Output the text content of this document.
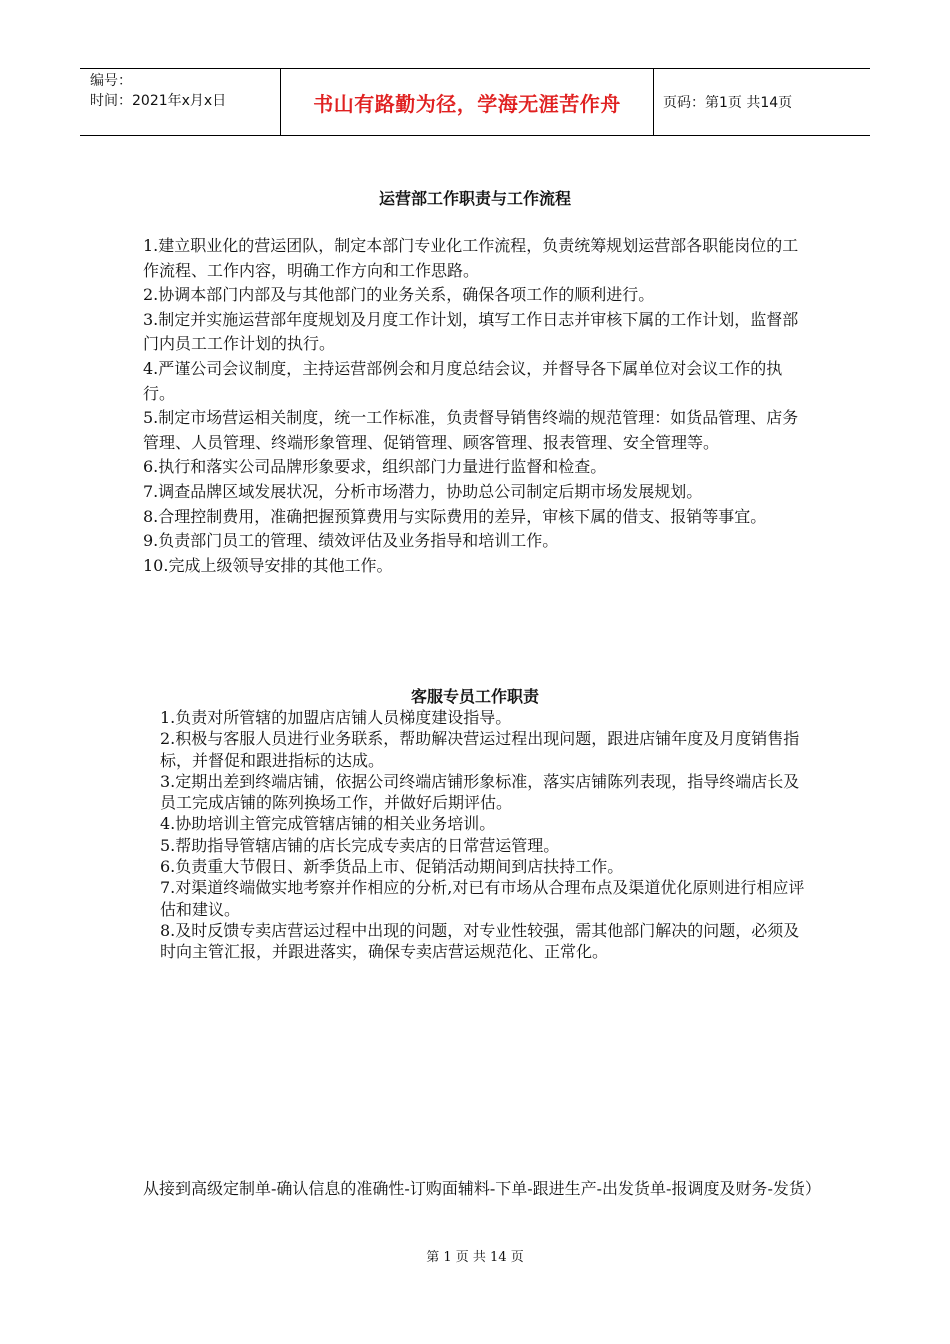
编号：
时间：2021年x月x日	书山有路勤为径，学海无涯苦作舟	页码：第1页 共14页
运营部工作职责与工作流程

1.建立职业化的营运团队，制定本部门专业化工作流程，负责统筹规划运营部各职能岗位的工作流程、工作内容，明确工作方向和工作思路。

2.协调本部门内部及与其他部门的业务关系，确保各项工作的顺利进行。

3.制定并实施运营部年度规划及月度工作计划，填写工作日志并审核下属的工作计划，监督部门内员工工作计划的执行。

4.严谨公司会议制度，主持运营部例会和月度总结会议，并督导各下属单位对会议工作的执行。

5.制定市场营运相关制度，统一工作标准，负责督导销售终端的规范管理：如货品管理、店务管理、人员管理、终端形象管理、促销管理、顾客管理、报表管理、安全管理等。

6.执行和落实公司品牌形象要求，组织部门力量进行监督和检查。

7.调查品牌区域发展状况，分析市场潜力，协助总公司制定后期市场发展规划。

8.合理控制费用，准确把握预算费用与实际费用的差异，审核下属的借支、报销等事宜。

9.负责部门员工的管理、绩效评估及业务指导和培训工作。

10.完成上级领导安排的其他工作。

客服专员工作职责

1.负责对所管辖的加盟店店铺人员梯度建设指导。

2.积极与客服人员进行业务联系，帮助解决营运过程出现问题，跟进店铺年度及月度销售指标，并督促和跟进指标的达成。

3.定期出差到终端店铺，依据公司终端店铺形象标准，落实店铺陈列表现，指导终端店长及员工完成店铺的陈列换场工作，并做好后期评估。

4.协助培训主管完成管辖店铺的相关业务培训。

5.帮助指导管辖店铺的店长完成专卖店的日常营运管理。

6.负责重大节假日、新季货品上市、促销活动期间到店扶持工作。

7.对渠道终端做实地考察并作相应的分析,对已有市场从合理布点及渠道优化原则进行相应评估和建议。

8.及时反馈专卖店营运过程中出现的问题，对专业性较强，需其他部门解决的问题，必须及时向主管汇报，并跟进落实，确保专卖店营运规范化、正常化。

从接到高级定制单-确认信息的准确性-订购面辅料-下单-跟进生产-出发货单-报调度及财务-发货）
第 1 页 共 14 页
